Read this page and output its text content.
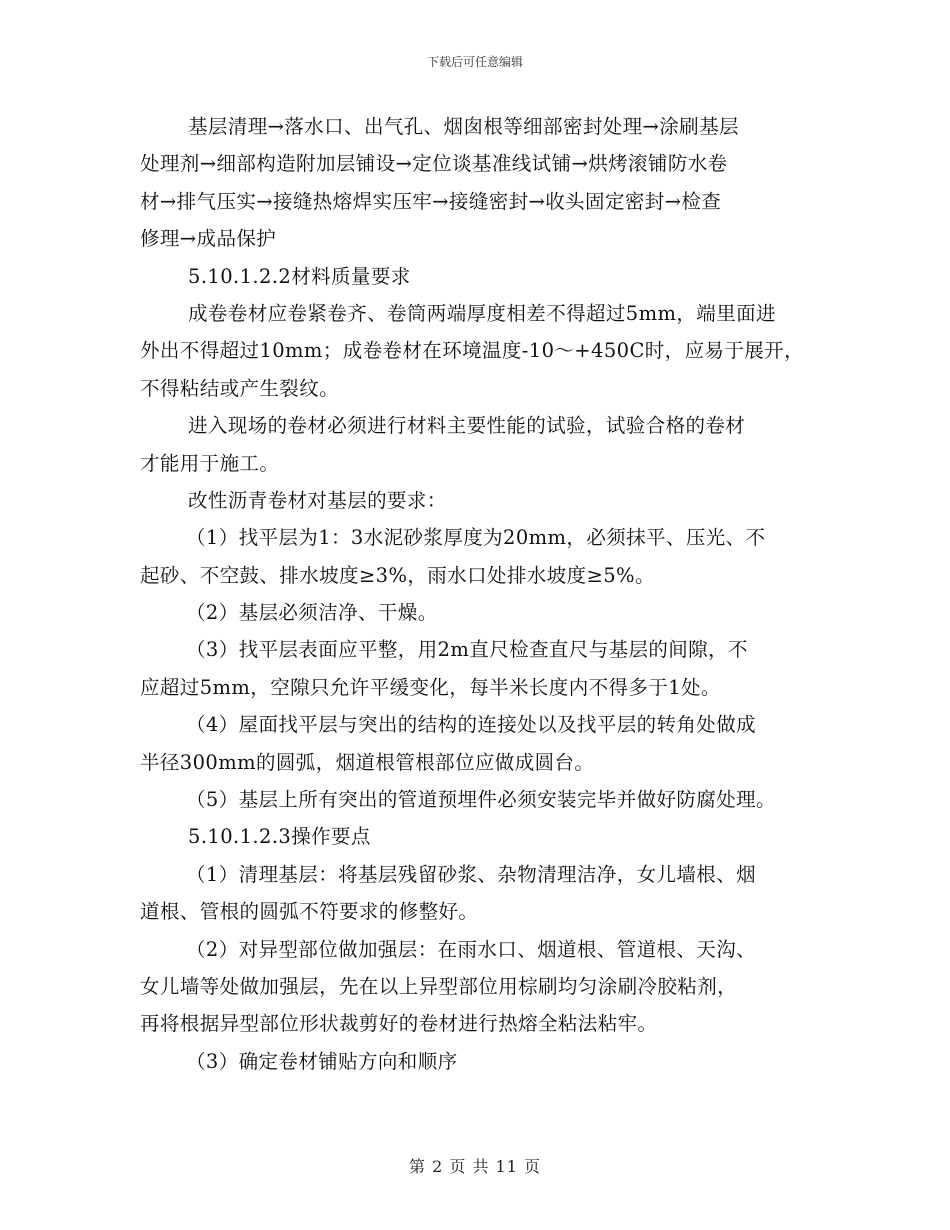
下载后可任意编辑
基层清理→落水口、出气孔、烟囱根等细部密封处理→涂刷基层
处理剂→细部构造附加层铺设→定位谈基准线试铺→烘烤滚铺防水卷
材→排气压实→接缝热熔焊实压牢→接缝密封→收头固定密封→检查
修理→成品保护
5.10.1.2.2材料质量要求
成卷卷材应卷紧卷齐、卷筒两端厚度相差不得超过5mm，端里面进
外出不得超过10mm；成卷卷材在环境温度-10～+450C时，应易于展开，
不得粘结或产生裂纹。
进入现场的卷材必须进行材料主要性能的试验，试验合格的卷材
才能用于施工。
改性沥青卷材对基层的要求：
（1）找平层为1：3水泥砂浆厚度为20mm，必须抹平、压光、不
起砂、不空鼓、排水坡度≥3%，雨水口处排水坡度≥5%。
（2）基层必须洁净、干燥。
（3）找平层表面应平整，用2m直尺检查直尺与基层的间隙，不
应超过5mm，空隙只允许平缓变化，每半米长度内不得多于1处。
（4）屋面找平层与突出的结构的连接处以及找平层的转角处做成
半径300mm的圆弧，烟道根管根部位应做成圆台。
（5）基层上所有突出的管道预埋件必须安装完毕并做好防腐处理。
5.10.1.2.3操作要点
（1）清理基层：将基层残留砂浆、杂物清理洁净，女儿墙根、烟
道根、管根的圆弧不符要求的修整好。
（2）对异型部位做加强层：在雨水口、烟道根、管道根、天沟、
女儿墙等处做加强层，先在以上异型部位用棕刷均匀涂刷冷胶粘剂，
再将根据异型部位形状裁剪好的卷材进行热熔全粘法粘牢。
（3）确定卷材铺贴方向和顺序
第 2 页 共 11 页
